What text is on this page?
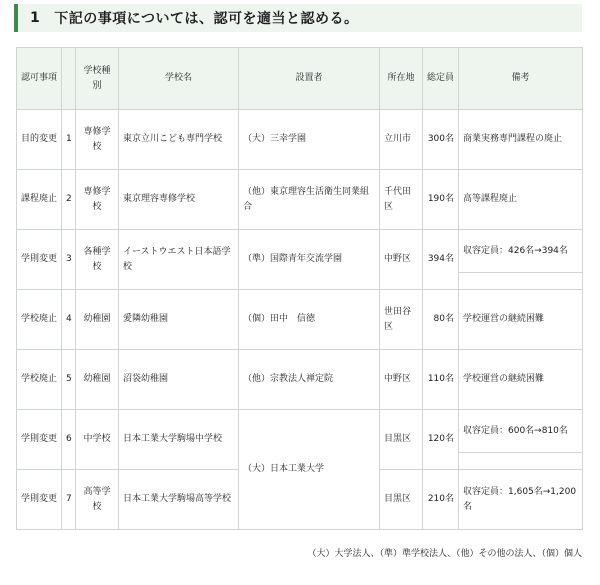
1 下記の事項については、認可を適当と認める。
認可事項		学校種別	学校名	設置者	所在地	総定員	備考
目的変更	1	専修学校	東京立川こども専門学校	（大）三幸学園	立川市	300名	商業実務専門課程の廃止
課程廃止	2	専修学校	東京理容専修学校	（他）東京理容生活衛生同業組合	千代田区	190名	高等課程廃止
学則変更	3	各種学校	イーストウエスト日本語学校	（準）国際青年交流学園	中野区	394名	収容定員：426名→394名

学校廃止	4	幼稚園	愛隣幼稚園	（個）田中　信徳	世田谷区	80名	学校運営の継続困難
学校廃止	5	幼稚園	沼袋幼稚園	（他）宗教法人禅定院	中野区	110名	学校運営の継続困難
学則変更	6	中学校	日本工業大学駒場中学校	（大）日本工業大学	目黒区	120名	収容定員：600名→810名

学則変更	7	高等学校	日本工業大学駒場高等学校		目黒区	210名	収容定員：1,605名→1,200名
（大）大学法人、（準）準学校法人、（他）その他の法人、（個）個人
